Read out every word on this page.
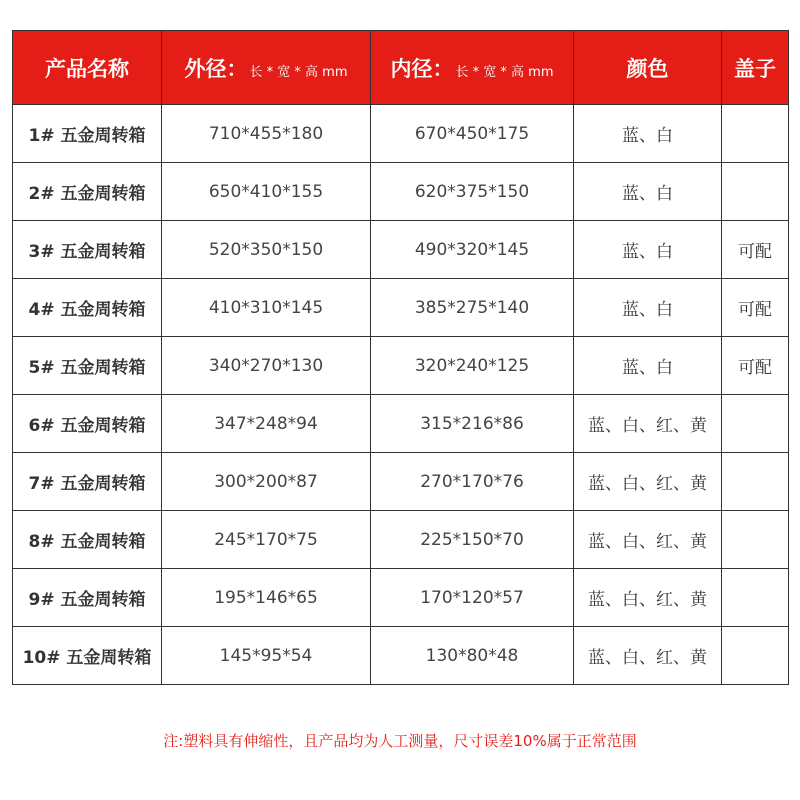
产品名称	外径： 长 * 宽 * 高 mm	内径： 长 * 宽 * 高 mm	颜色	盖子
1# 五金周转箱	710*455*180	670*450*175	蓝、白	
2# 五金周转箱	650*410*155	620*375*150	蓝、白	
3# 五金周转箱	520*350*150	490*320*145	蓝、白	可配
4# 五金周转箱	410*310*145	385*275*140	蓝、白	可配
5# 五金周转箱	340*270*130	320*240*125	蓝、白	可配
6# 五金周转箱	347*248*94	315*216*86	蓝、白、红、黄	
7# 五金周转箱	300*200*87	270*170*76	蓝、白、红、黄	
8# 五金周转箱	245*170*75	225*150*70	蓝、白、红、黄	
9# 五金周转箱	195*146*65	170*120*57	蓝、白、红、黄	
10# 五金周转箱	145*95*54	130*80*48	蓝、白、红、黄	
注:塑料具有伸缩性，且产品均为人工测量，尺寸误差10%属于正常范围
